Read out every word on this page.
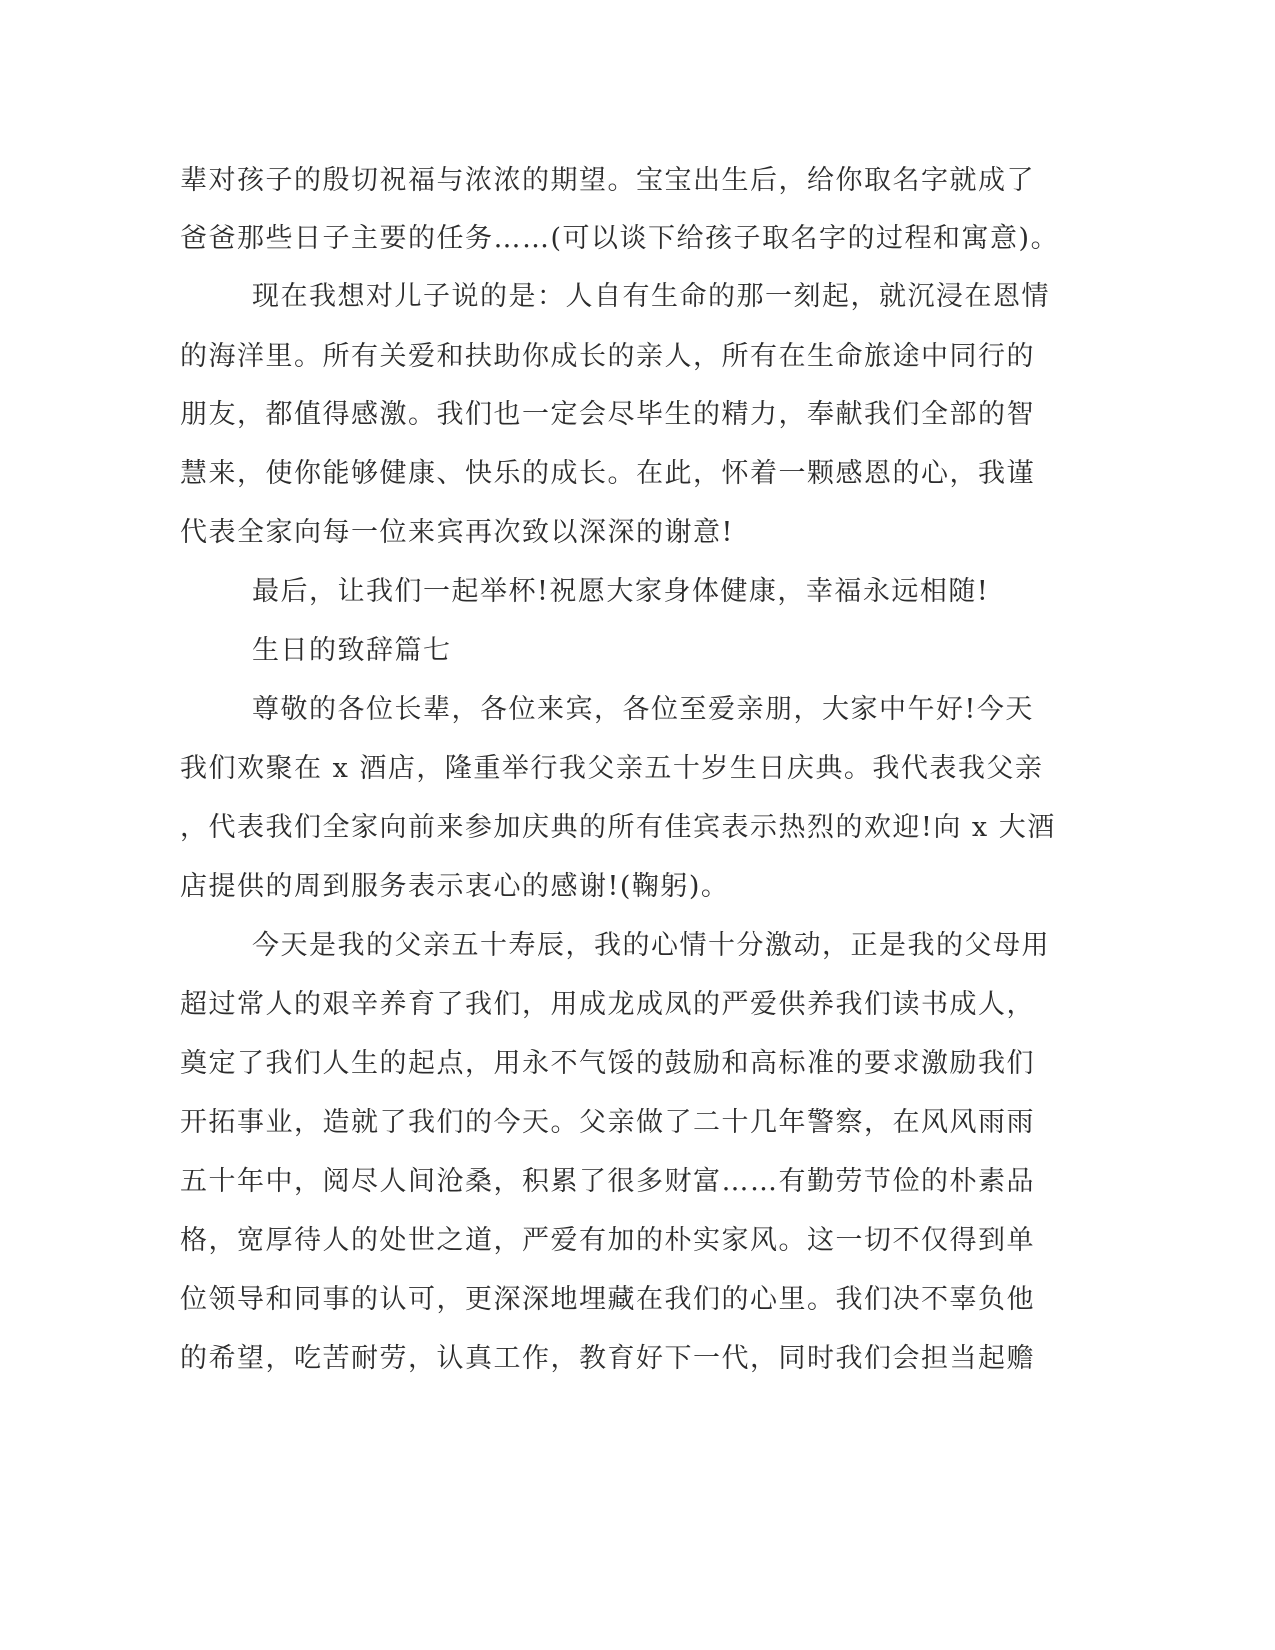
辈对孩子的殷切祝福与浓浓的期望。宝宝出生后，给你取名字就成了
爸爸那些日子主要的任务……(可以谈下给孩子取名字的过程和寓意)。
现在我想对儿子说的是：人自有生命的那一刻起，就沉浸在恩情
的海洋里。所有关爱和扶助你成长的亲人，所有在生命旅途中同行的
朋友，都值得感激。我们也一定会尽毕生的精力，奉献我们全部的智
慧来，使你能够健康、快乐的成长。在此，怀着一颗感恩的心，我谨
代表全家向每一位来宾再次致以深深的谢意!
最后，让我们一起举杯!祝愿大家身体健康，幸福永远相随!
生日的致辞篇七
尊敬的各位长辈，各位来宾，各位至爱亲朋，大家中午好!今天
我们欢聚在 x 酒店，隆重举行我父亲五十岁生日庆典。我代表我父亲
，代表我们全家向前来参加庆典的所有佳宾表示热烈的欢迎!向 x 大酒
店提供的周到服务表示衷心的感谢!(鞠躬)。
今天是我的父亲五十寿辰，我的心情十分激动，正是我的父母用
超过常人的艰辛养育了我们，用成龙成凤的严爱供养我们读书成人，
奠定了我们人生的起点，用永不气馁的鼓励和高标准的要求激励我们
开拓事业，造就了我们的今天。父亲做了二十几年警察，在风风雨雨
五十年中，阅尽人间沧桑，积累了很多财富……有勤劳节俭的朴素品
格，宽厚待人的处世之道，严爱有加的朴实家风。这一切不仅得到单
位领导和同事的认可，更深深地埋藏在我们的心里。我们决不辜负他
的希望，吃苦耐劳，认真工作，教育好下一代，同时我们会担当起赡
